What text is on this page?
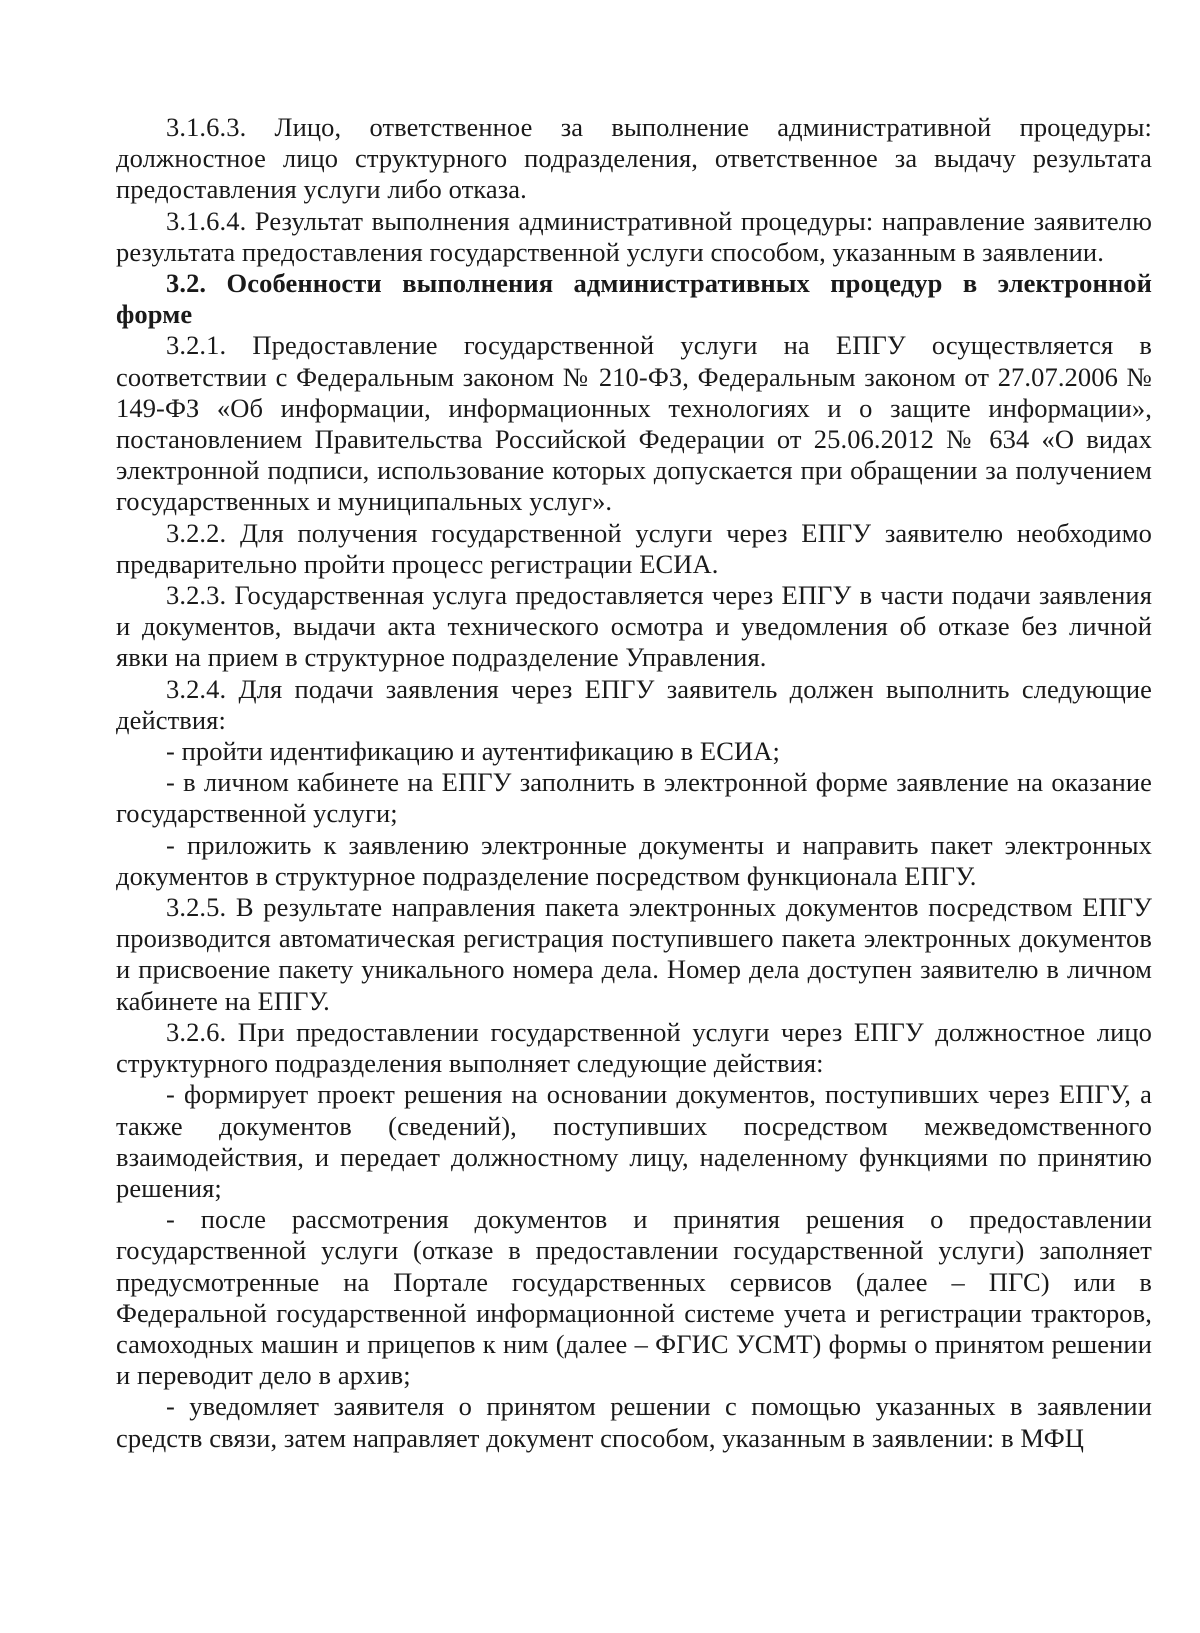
3.1.6.3. Лицо, ответственное за выполнение административной процедуры: должностное лицо структурного подразделения, ответственное за выдачу результата предоставления услуги либо отказа.

3.1.6.4. Результат выполнения административной процедуры: направление заявителю результата предоставления государственной услуги способом, указанным в заявлении.

3.2. Особенности выполнения административных процедур в электронной форме

3.2.1. Предоставление государственной услуги на ЕПГУ осуществляется в соответствии с Федеральным законом № 210-ФЗ, Федеральным законом от 27.07.2006 № 149-ФЗ «Об информации, информационных технологиях и о защите информации», постановлением Правительства Российской Федерации от 25.06.2012 № 634 «О видах электронной подписи, использование которых допускается при обращении за получением государственных и муниципальных услуг».

3.2.2. Для получения государственной услуги через ЕПГУ заявителю необходимо предварительно пройти процесс регистрации ЕСИА.

3.2.3. Государственная услуга предоставляется через ЕПГУ в части подачи заявления и документов, выдачи акта технического осмотра и уведомления об отказе без личной явки на прием в структурное подразделение Управления.

3.2.4. Для подачи заявления через ЕПГУ заявитель должен выполнить следующие действия:

- пройти идентификацию и аутентификацию в ЕСИА;

- в личном кабинете на ЕПГУ заполнить в электронной форме заявление на оказание государственной услуги;

- приложить к заявлению электронные документы и направить пакет электронных документов в структурное подразделение посредством функционала ЕПГУ.

3.2.5. В результате направления пакета электронных документов посредством ЕПГУ производится автоматическая регистрация поступившего пакета электронных документов и присвоение пакету уникального номера дела. Номер дела доступен заявителю в личном кабинете на ЕПГУ.

3.2.6. При предоставлении государственной услуги через ЕПГУ должностное лицо структурного подразделения выполняет следующие действия:

- формирует проект решения на основании документов, поступивших через ЕПГУ, а также документов (сведений), поступивших посредством межведомственного взаимодействия, и передает должностному лицу, наделенному функциями по принятию решения;

- после рассмотрения документов и принятия решения о предоставлении государственной услуги (отказе в предоставлении государственной услуги) заполняет предусмотренные на Портале государственных сервисов (далее – ПГС) или в Федеральной государственной информационной системе учета и регистрации тракторов, самоходных машин и прицепов к ним (далее – ФГИС УСМТ) формы о принятом решении и переводит дело в архив;

- уведомляет заявителя о принятом решении с помощью указанных в заявлении средств связи, затем направляет документ способом, указанным в заявлении: в МФЦ
